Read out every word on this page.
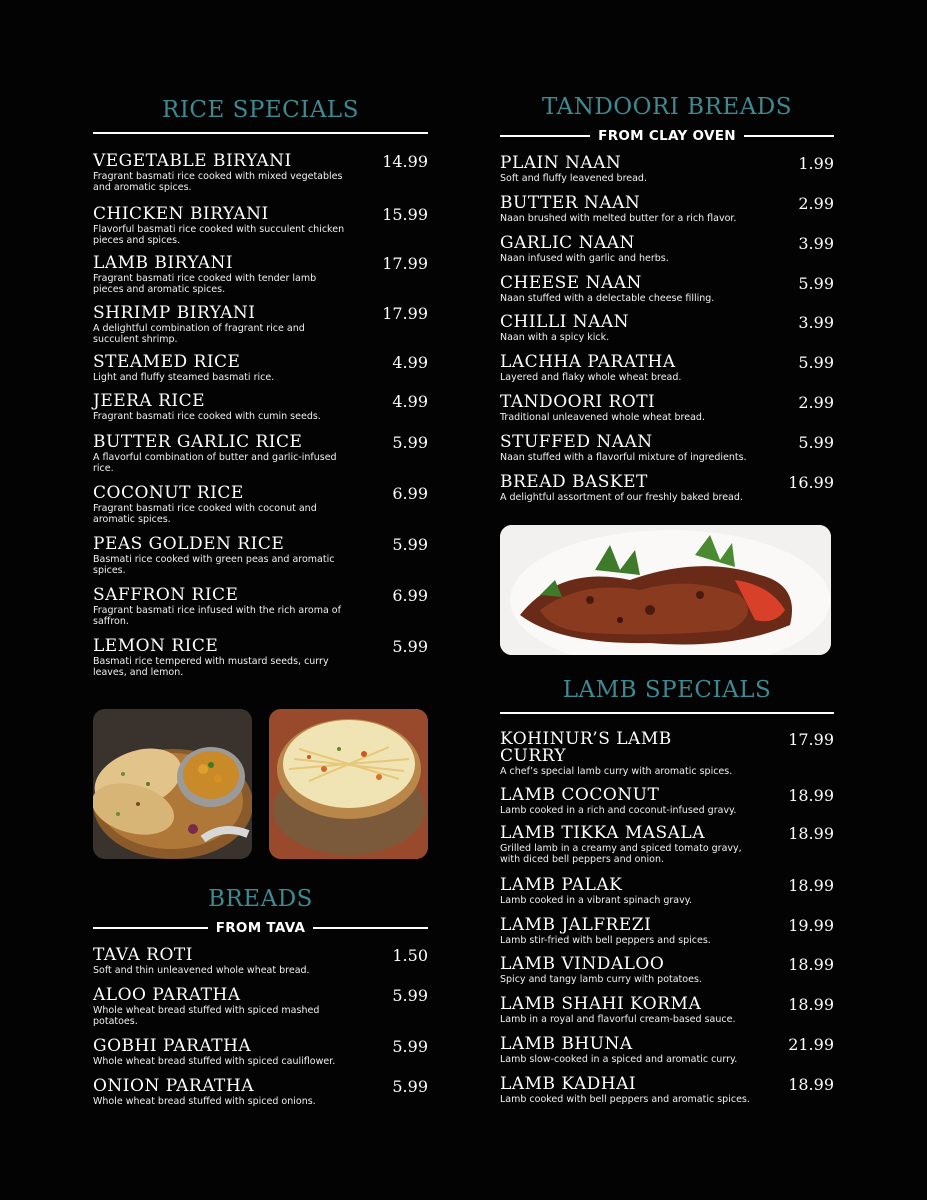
RICE SPECIALS
VEGETABLE BIRYANI	14.99
Fragrant basmati rice cooked with mixed vegetables and aromatic spices.
CHICKEN BIRYANI	15.99
Flavorful basmati rice cooked with succulent chicken pieces and spices.
LAMB BIRYANI	17.99
Fragrant basmati rice cooked with tender lamb pieces and aromatic spices.
SHRIMP BIRYANI	17.99
A delightful combination of fragrant rice and succulent shrimp.
STEAMED RICE	4.99
Light and fluffy steamed basmati rice.
JEERA RICE	4.99
Fragrant basmati rice cooked with cumin seeds.
BUTTER GARLIC RICE	5.99
A flavorful combination of butter and garlic-infused rice.
COCONUT RICE	6.99
Fragrant basmati rice cooked with coconut and aromatic spices.
PEAS GOLDEN RICE	5.99
Basmati rice cooked with green peas and aromatic spices.
SAFFRON RICE	6.99
Fragrant basmati rice infused with the rich aroma of saffron.
LEMON RICE	5.99
Basmati rice tempered with mustard seeds, curry leaves, and lemon.
BREADS
FROM TAVA
TAVA ROTI	1.50
Soft and thin unleavened whole wheat bread.
ALOO PARATHA	5.99
Whole wheat bread stuffed with spiced mashed potatoes.
GOBHI PARATHA	5.99
Whole wheat bread stuffed with spiced cauliflower.
ONION PARATHA	5.99
Whole wheat bread stuffed with spiced onions.
TANDOORI BREADS
FROM CLAY OVEN
PLAIN NAAN	1.99
Soft and fluffy leavened bread.
BUTTER NAAN	2.99
Naan brushed with melted butter for a rich flavor.
GARLIC NAAN	3.99
Naan infused with garlic and herbs.
CHEESE NAAN	5.99
Naan stuffed with a delectable cheese filling.
CHILLI NAAN	3.99
Naan with a spicy kick.
LACHHA PARATHA	5.99
Layered and flaky whole wheat bread.
TANDOORI ROTI	2.99
Traditional unleavened whole wheat bread.
STUFFED NAAN	5.99
Naan stuffed with a flavorful mixture of ingredients.
BREAD BASKET	16.99
A delightful assortment of our freshly baked bread.
LAMB SPECIALS
KOHINUR’S LAMB CURRY
17.99
A chef’s special lamb curry with aromatic spices.
LAMB COCONUT	18.99
Lamb cooked in a rich and coconut-infused gravy.
LAMB TIKKA MASALA	18.99
Grilled lamb in a creamy and spiced tomato gravy, with diced bell peppers and onion.
LAMB PALAK	18.99
Lamb cooked in a vibrant spinach gravy.
LAMB JALFREZI	19.99
Lamb stir-fried with bell peppers and spices.
LAMB VINDALOO	18.99
Spicy and tangy lamb curry with potatoes.
LAMB SHAHI KORMA	18.99
Lamb in a royal and flavorful cream-based sauce.
LAMB BHUNA	21.99
Lamb slow-cooked in a spiced and aromatic curry.
LAMB KADHAI	18.99
Lamb cooked with bell peppers and aromatic spices.
